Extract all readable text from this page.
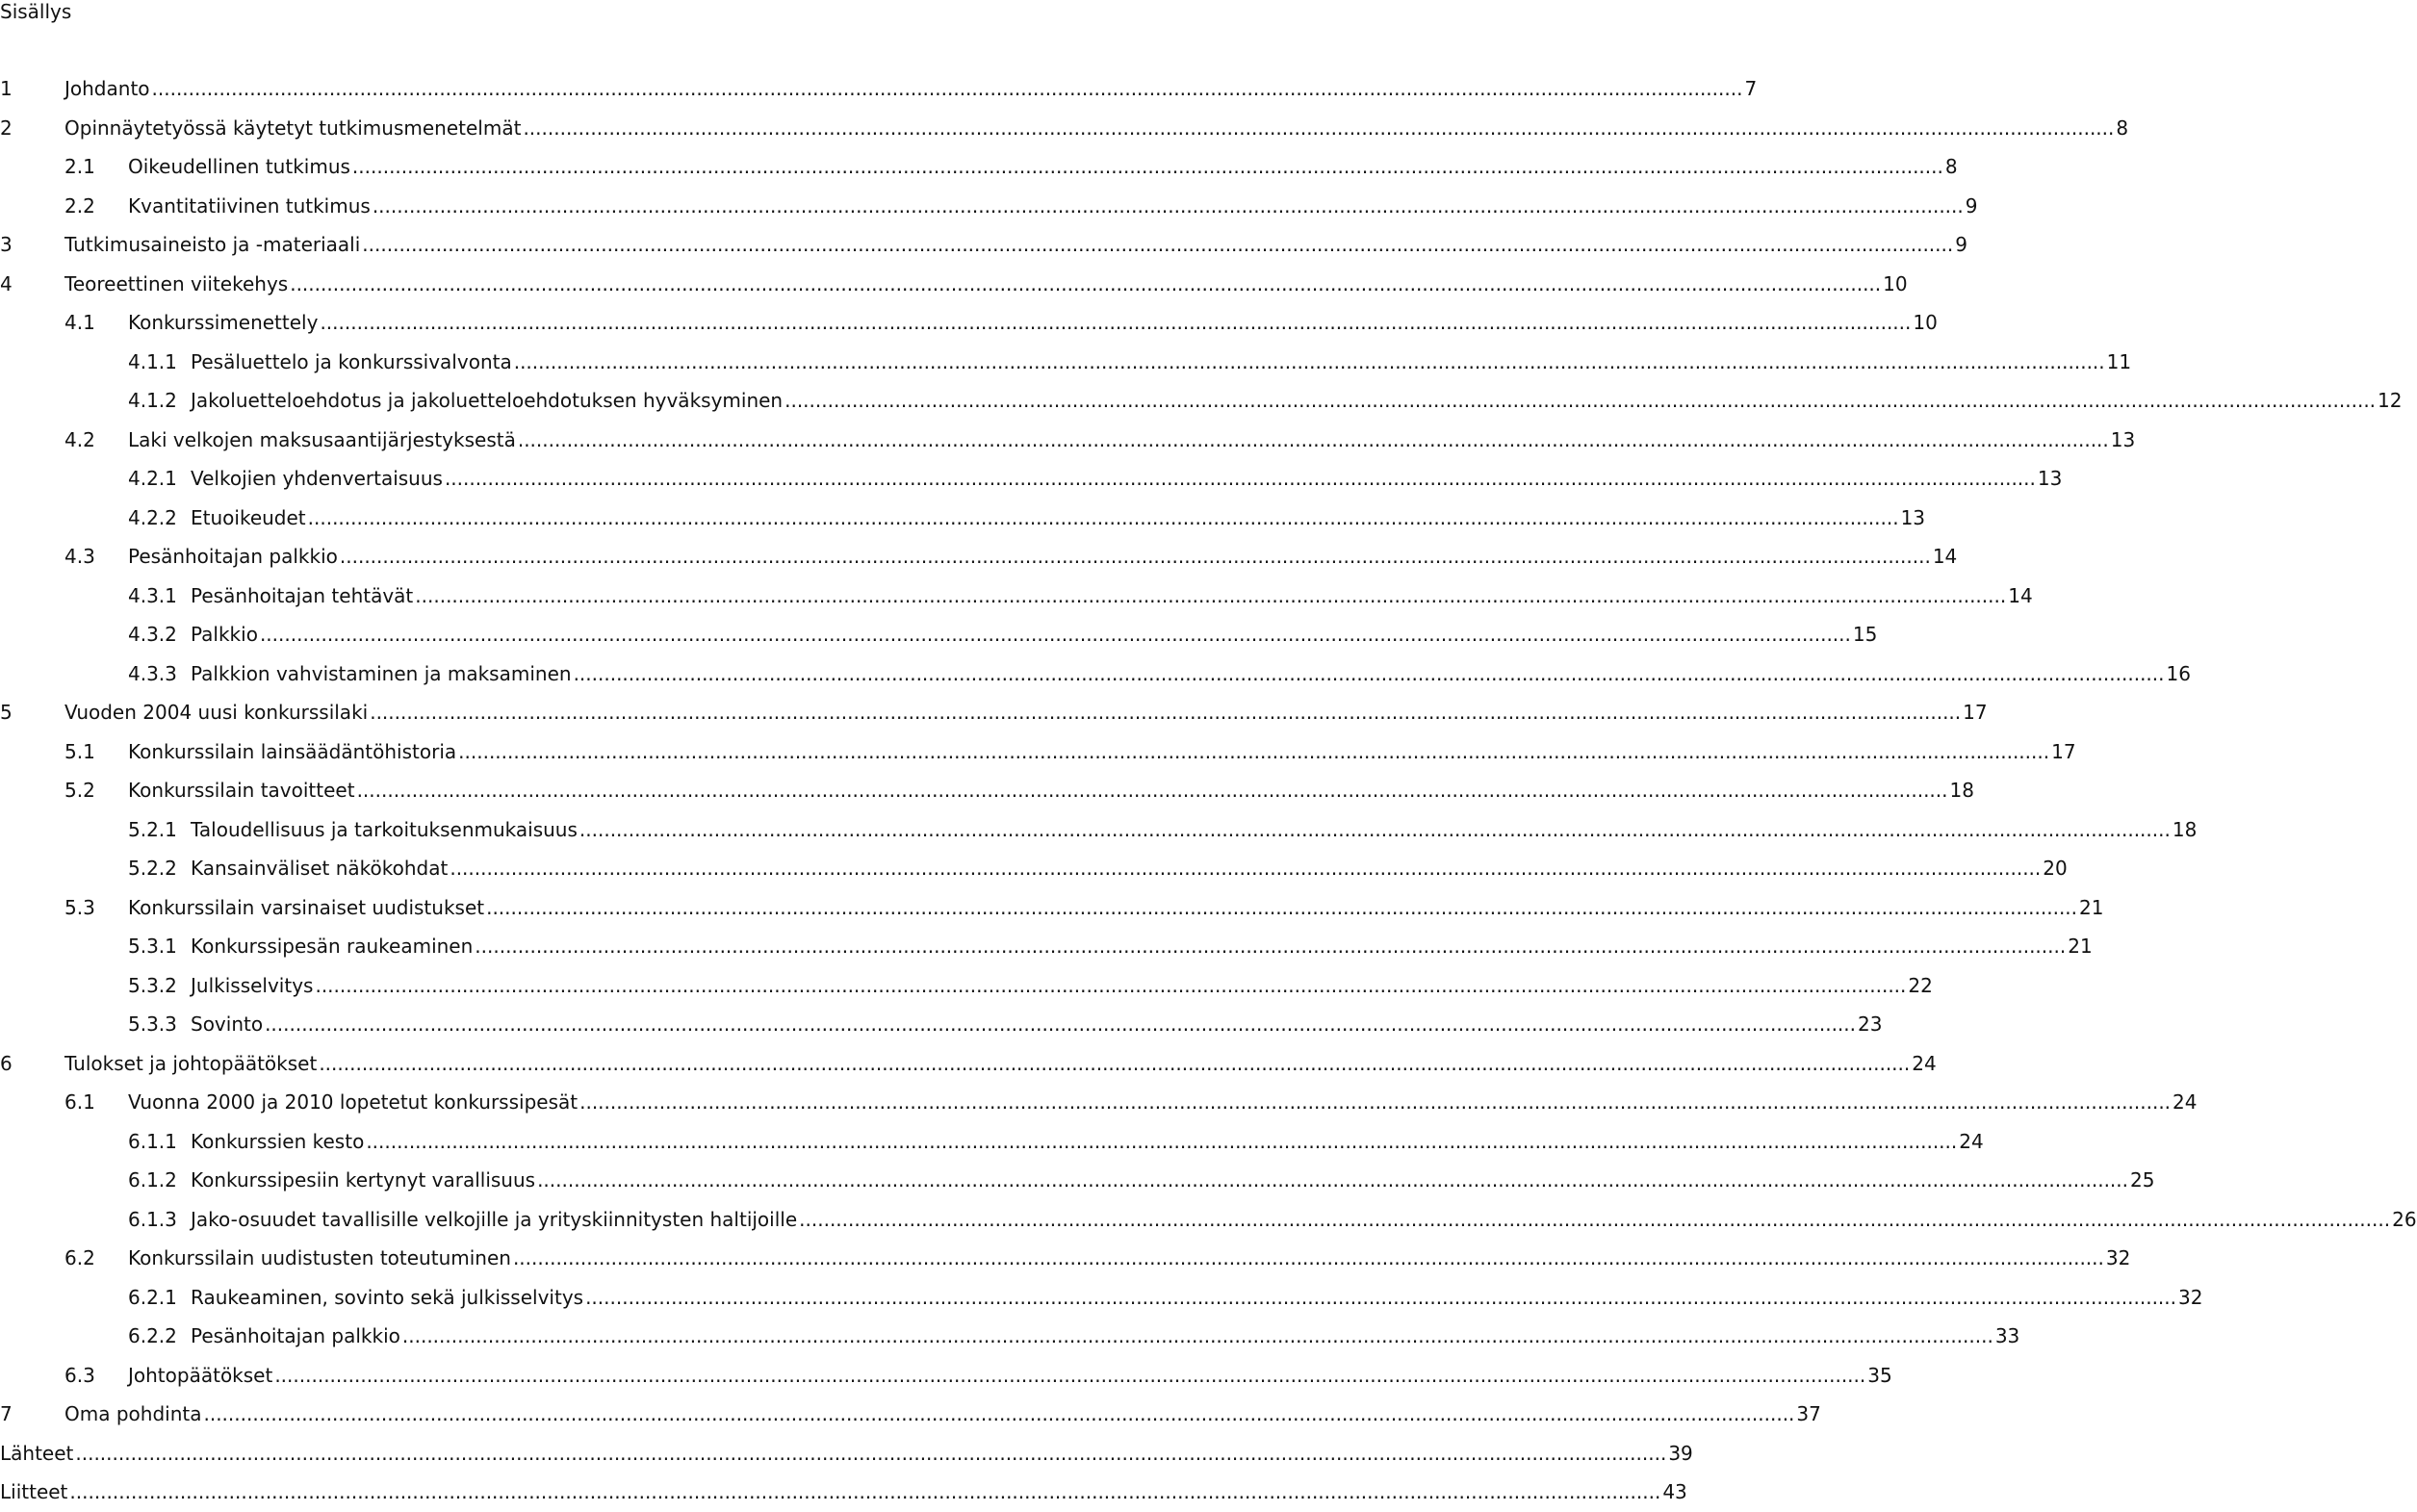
Sisällys
1	Johdanto .................................................................................................................................................................................................................................................................... 7
2	Opinnäytetyössä käytetyt tutkimusmenetelmät .................................................................................................................................................................................................................................................................... 8
2.1	Oikeudellinen tutkimus .................................................................................................................................................................................................................................................................... 8
2.2	Kvantitatiivinen tutkimus .................................................................................................................................................................................................................................................................... 9
3	Tutkimusaineisto ja -materiaali .................................................................................................................................................................................................................................................................... 9
4	Teoreettinen viitekehys .................................................................................................................................................................................................................................................................... 10
4.1	Konkurssimenettely .................................................................................................................................................................................................................................................................... 10
4.1.1 Pesäluettelo ja konkurssivalvonta .................................................................................................................................................................................................................................................................... 11
4.1.2 Jakoluetteloehdotus ja jakoluetteloehdotuksen hyväksyminen .................................................................................................................................................................................................................................................................... 12
4.2	Laki velkojen maksusaantijärjestyksestä .................................................................................................................................................................................................................................................................... 13
4.2.1 Velkojien yhdenvertaisuus .................................................................................................................................................................................................................................................................... 13
4.2.2 Etuoikeudet .................................................................................................................................................................................................................................................................... 13
4.3	Pesänhoitajan palkkio .................................................................................................................................................................................................................................................................... 14
4.3.1 Pesänhoitajan tehtävät .................................................................................................................................................................................................................................................................... 14
4.3.2 Palkkio .................................................................................................................................................................................................................................................................... 15
4.3.3 Palkkion vahvistaminen ja maksaminen .................................................................................................................................................................................................................................................................... 16
5	Vuoden 2004 uusi konkurssilaki .................................................................................................................................................................................................................................................................... 17
5.1	Konkurssilain lainsäädäntöhistoria .................................................................................................................................................................................................................................................................... 17
5.2	Konkurssilain tavoitteet .................................................................................................................................................................................................................................................................... 18
5.2.1 Taloudellisuus ja tarkoituksenmukaisuus .................................................................................................................................................................................................................................................................... 18
5.2.2 Kansainväliset näkökohdat .................................................................................................................................................................................................................................................................... 20
5.3	Konkurssilain varsinaiset uudistukset .................................................................................................................................................................................................................................................................... 21
5.3.1 Konkurssipesän raukeaminen .................................................................................................................................................................................................................................................................... 21
5.3.2 Julkisselvitys .................................................................................................................................................................................................................................................................... 22
5.3.3 Sovinto .................................................................................................................................................................................................................................................................... 23
6	Tulokset ja johtopäätökset .................................................................................................................................................................................................................................................................... 24
6.1	Vuonna 2000 ja 2010 lopetetut konkurssipesät .................................................................................................................................................................................................................................................................... 24
6.1.1 Konkurssien kesto .................................................................................................................................................................................................................................................................... 24
6.1.2 Konkurssipesiin kertynyt varallisuus .................................................................................................................................................................................................................................................................... 25
6.1.3 Jako-osuudet tavallisille velkojille ja yrityskiinnitysten haltijoille .................................................................................................................................................................................................................................................................... 26
6.2	Konkurssilain uudistusten toteutuminen .................................................................................................................................................................................................................................................................... 32
6.2.1 Raukeaminen, sovinto sekä julkisselvitys .................................................................................................................................................................................................................................................................... 32
6.2.2 Pesänhoitajan palkkio .................................................................................................................................................................................................................................................................... 33
6.3	Johtopäätökset .................................................................................................................................................................................................................................................................... 35
7	Oma pohdinta .................................................................................................................................................................................................................................................................... 37
Lähteet .................................................................................................................................................................................................................................................................... 39
Liitteet .................................................................................................................................................................................................................................................................... 43
